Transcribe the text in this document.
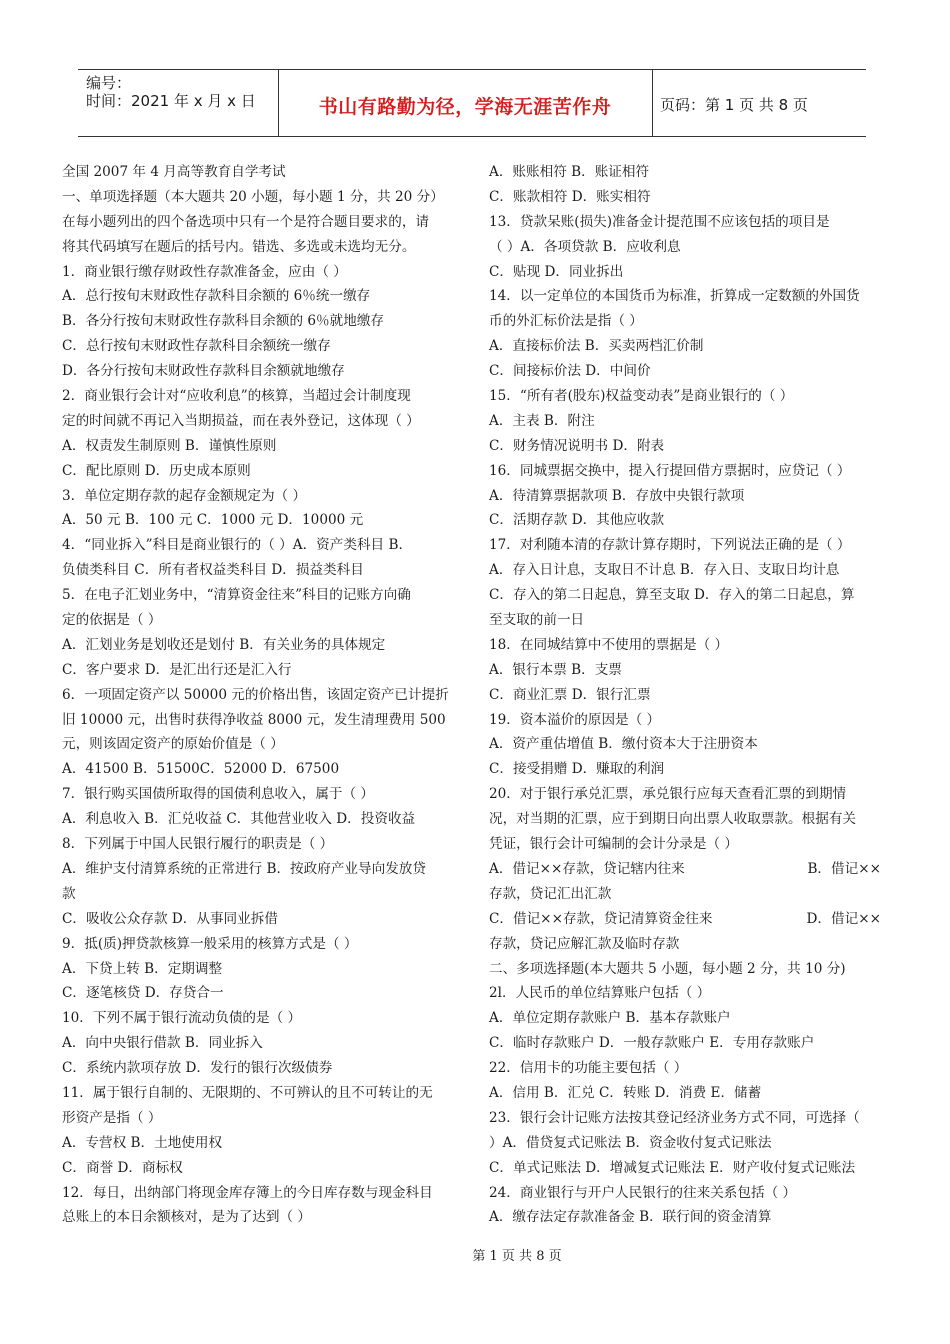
编号：
时间：2021 年 x 月 x 日	书山有路勤为径，学海无涯苦作舟	页码：第 1 页 共 8 页
全国 2007 年 4 月高等教育自学考试
一、单项选择题（本大题共 20 小题，每小题 1 分，共 20 分）
在每小题列出的四个备选项中只有一个是符合题目要求的，请
将其代码填写在题后的括号内。错选、多选或未选均无分。
1．商业银行缴存财政性存款准备金，应由（ ）
A．总行按旬末财政性存款科目余额的 6％统一缴存
B．各分行按旬末财政性存款科目余额的 6％就地缴存
C．总行按旬末财政性存款科目余额统一缴存
D．各分行按旬末财政性存款科目余额就地缴存
2．商业银行会计对“应收利息”的核算，当超过会计制度现
定的时间就不再记入当期损益，而在表外登记，这体现（ ）
A．权责发生制原则 B．谨慎性原则
C．配比原则 D．历史成本原则
3．单位定期存款的起存金额规定为（ ）
A．50 元 B．100 元 C．1000 元 D．10000 元
4．“同业拆入”科目是商业银行的（ ）A．资产类科目 B．
负债类科目 C．所有者权益类科目 D．损益类科目
5．在电子汇划业务中，“清算资金往来”科目的记账方向确
定的依据是（ ）
A．汇划业务是划收还是划付 B．有关业务的具体规定
C．客户要求 D．是汇出行还是汇入行
6．一项固定资产以 50000 元的价格出售，该固定资产已计提折
旧 10000 元，出售时获得净收益 8000 元，发生清理费用 500
元，则该固定资产的原始价值是（ ）
A．41500 B．51500C．52000 D．67500
7．银行购买国债所取得的国债利息收入，属于（ ）
A．利息收入 B．汇兑收益 C．其他营业收入 D．投资收益
8．下列属于中国人民银行履行的职责是（ ）
A．维护支付清算系统的正常进行 B．按政府产业导向发放贷
款
C．吸收公众存款 D．从事同业拆借
9．抵(质)押贷款核算一般采用的核算方式是（ ）
A．下贷上转 B．定期调整
C．逐笔核贷 D．存贷合一
10．下列不属于银行流动负债的是（ ）
A．向中央银行借款 B．同业拆入
C．系统内款项存放 D．发行的银行次级债券
11．属于银行自制的、无限期的、不可辨认的且不可转让的无
形资产是指（ ）
A．专营权 B．土地使用权
C．商誉 D．商标权
12．每日，出纳部门将现金库存簿上的今日库存数与现金科目
总账上的本日余额核对，是为了达到（ ）
A．账账相符 B．账证相符
C．账款相符 D．账实相符
13．贷款呆账(损失)准备金计提范围不应该包括的项目是
（ ）A．各项贷款 B．应收利息
C．贴现 D．同业拆出
14．以一定单位的本国货币为标准，折算成一定数额的外国货
币的外汇标价法是指（ ）
A．直接标价法 B．买卖两档汇价制
C．间接标价法 D．中间价
15．“所有者(股东)权益变动表”是商业银行的（ ）
A．主表 B．附注
C．财务情况说明书 D．附表
16．同城票据交换中，提入行提回借方票据时，应贷记（ ）
A．待清算票据款项 B．存放中央银行款项
C．活期存款 D．其他应收款
17．对利随本清的存款计算存期时，下列说法正确的是（ ）
A．存入日计息，支取日不计息 B．存入日、支取日均计息
C．存入的第二日起息，算至支取 D．存入的第二日起息，算
至支取的前一日
18．在同城结算中不使用的票据是（ ）
A．银行本票 B．支票
C．商业汇票 D．银行汇票
19．资本溢价的原因是（ ）
A．资产重估增值 B．缴付资本大于注册资本
C．接受捐赠 D．赚取的利润
20．对于银行承兑汇票，承兑银行应每天查看汇票的到期情
况，对当期的汇票，应于到期日向出票人收取票款。根据有关
凭证，银行会计可编制的会计分录是（ ）
A．借记××存款，贷记辖内往来	B．借记××
存款，贷记汇出汇款
C．借记××存款，贷记清算资金往来	D．借记××
存款，贷记应解汇款及临时存款
二、多项选择题(本大题共 5 小题，每小题 2 分，共 10 分)
2l．人民币的单位结算账户包括（ ）
A．单位定期存款账户 B．基本存款账户
C．临时存款账户 D．一般存款账户 E．专用存款账户
22．信用卡的功能主要包括（ ）
A．信用 B．汇兑 C．转账 D．消费 E．储蓄
23．银行会计记账方法按其登记经济业务方式不同，可选择（
）A．借贷复式记账法 B．资金收付复式记账法
C．单式记账法 D．增减复式记账法 E．财产收付复式记账法
24．商业银行与开户人民银行的往来关系包括（ ）
A．缴存法定存款准备金 B．联行间的资金清算
第 1 页 共 8 页
